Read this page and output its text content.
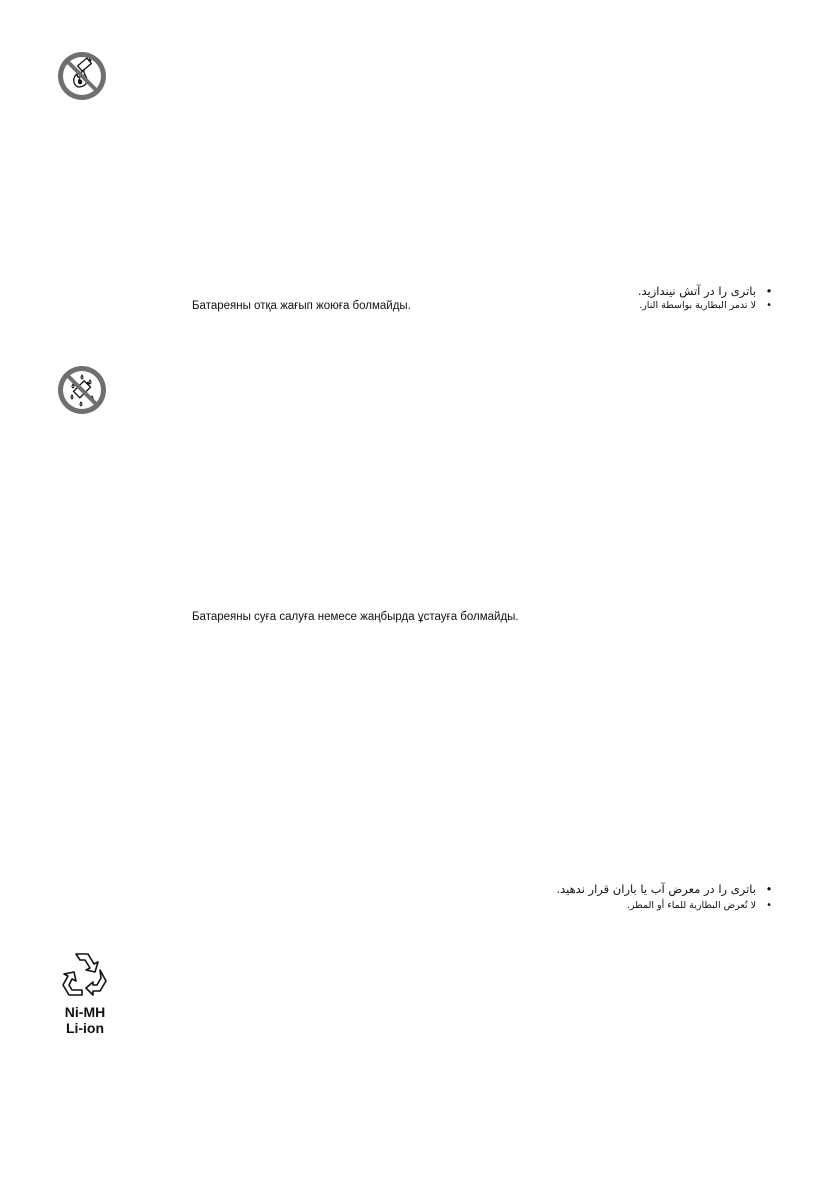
•باتری را در آتش نیندازید.
•لا تدمر البطارية بواسطة النار.
Батареяны отқа жағып жоюға болмайды.
Батареяны суға салуға немесе жаңбырда ұстауға болмайды.
•باتری را در معرض آب یا باران قرار ندهید.
•لا تُعرض البطارية للماء أو المطر.
Ni-MH
Li-ion
